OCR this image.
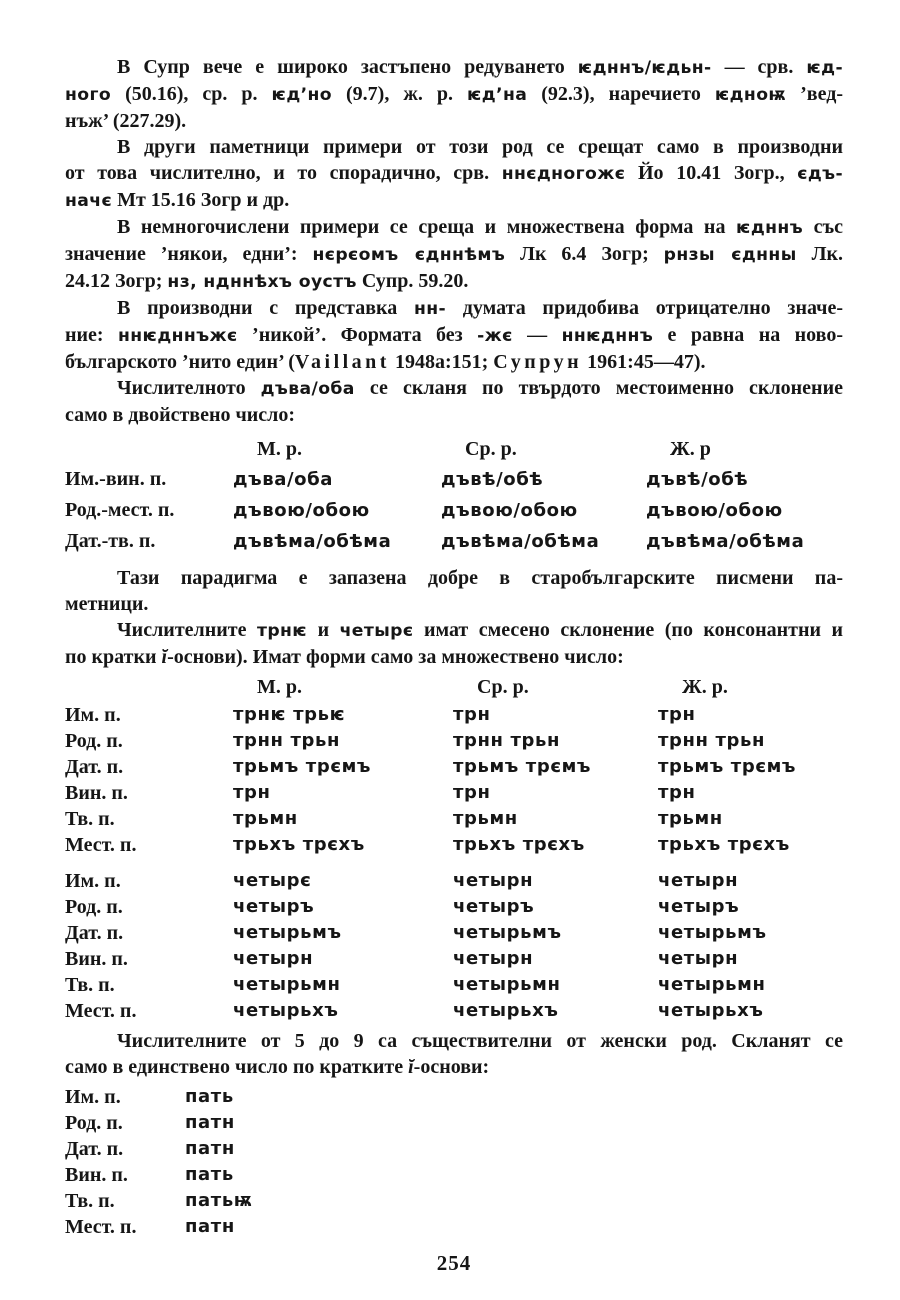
В Супр вече е широко застъпено редуването ѥдннъ/ѥдьн- — срв. ѥд-
ного (50.16), ср. р. ѥд’но (9.7), ж. р. ѥд’на (92.3), наречието ѥдноѭ ’вед-
нъж’ (227.29).
В други паметници примери от този род се срещат само в производни
от това числително, и то спорадично, срв. ннєдногожє Йо 10.41 Зогр., єдъ-
начє Мт 15.16 Зогр и др.
В немногочислени примери се среща и множествена форма на ѥдннъ със
значение ’някои, едни’: нєрєомъ єдннѣмъ Лк 6.4 Зогр; рнзы єднны Лк.
24.12 Зогр; нз, ндннѣхъ оустъ Супр. 59.20.
В производни с представка нн- думата придобива отрицателно значе-
ние: ннѥдннъжє ’никой’. Формата без -жє — ннѥдннъ е равна на ново-
българското ’нито един’ (Vaillant 1948a:151; Супрун 1961:45—47).
Числителното дъва/оба се скланя по твърдото местоименно склонение
само в двойствено число:
М. р.	Ср. р.	Ж. р
Им.-вин. п.	дъва/оба	дъвѣ/обѣ	дъвѣ/обѣ
Род.-мест. п.	дъвою/обою	дъвою/обою	дъвою/обою
Дат.-тв. п.	дъвѣма/обѣма	дъвѣма/обѣма	дъвѣма/обѣма
Тази парадигма е запазена добре в старобългарските писмени па-
метници.
Числителните трнѥ и четырє имат смесено склонение (по консонантни и
по кратки ĭ-основи). Имат форми само за множествено число:
М. р.	Ср. р.	Ж. р.
Им. п.	трнѥ трьѥ	трн	трн
Род. п.	трнн трьн	трнн трьн	трнн трьн
Дат. п.	трьмъ трємъ	трьмъ трємъ	трьмъ трємъ
Вин. п.	трн	трн	трн
Тв. п.	трьмн	трьмн	трьмн
Мест. п.	трьхъ трєхъ	трьхъ трєхъ	трьхъ трєхъ
Им. п.	четырє	четырн	четырн
Род. п.	четыръ	четыръ	четыръ
Дат. п.	четырьмъ	четырьмъ	четырьмъ
Вин. п.	четырн	четырн	четырн
Тв. п.	четырьмн	четырьмн	четырьмн
Мест. п.	четырьхъ	четырьхъ	четырьхъ
Числителните от 5 до 9 са съществителни от женски род. Скланят се
само в единствено число по кратките ĭ-основи:
Им. п.	пать
Род. п.	патн
Дат. п.	патн
Вин. п.	пать
Тв. п.	патьѭ
Мест. п.	патн
254
